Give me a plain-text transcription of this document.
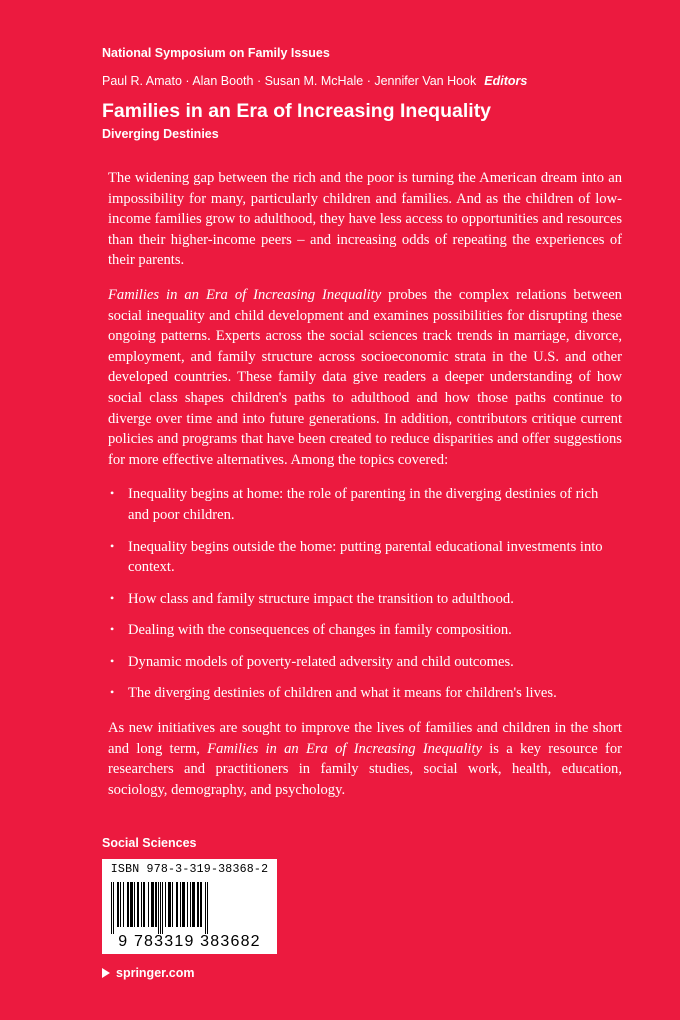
National Symposium on Family Issues
Paul R. Amato · Alan Booth · Susan M. McHale · Jennifer Van Hook Editors
Families in an Era of Increasing Inequality
Diverging Destinies

The widening gap between the rich and the poor is turning the American dream into an impossibility for many, particularly children and families. And as the children of low-income families grow to adulthood, they have less access to opportunities and resources than their higher-income peers – and increasing odds of repeating the experiences of their parents.

Families in an Era of Increasing Inequality probes the complex relations between social inequality and child development and examines possibilities for disrupting these ongoing patterns. Experts across the social sciences track trends in marriage, divorce, employment, and family structure across socioeconomic strata in the U.S. and other developed countries. These family data give readers a deeper understanding of how social class shapes children's paths to adulthood and how those paths continue to diverge over time and into future generations. In addition, contributors critique current policies and programs that have been created to reduce disparities and offer suggestions for more effective alternatives. Among the topics covered:

• Inequality begins at home: the role of parenting in the diverging destinies of rich and poor children.
• Inequality begins outside the home: putting parental educational investments into context.
• How class and family structure impact the transition to adulthood.
• Dealing with the consequences of changes in family composition.
• Dynamic models of poverty-related adversity and child outcomes.
• The diverging destinies of children and what it means for children's lives.

As new initiatives are sought to improve the lives of families and children in the short and long term, Families in an Era of Increasing Inequality is a key resource for researchers and practitioners in family studies, social work, health, education, sociology, demography, and psychology.

Social Sciences
ISBN 978-3-319-38368-2
9 783319 383682
springer.com
